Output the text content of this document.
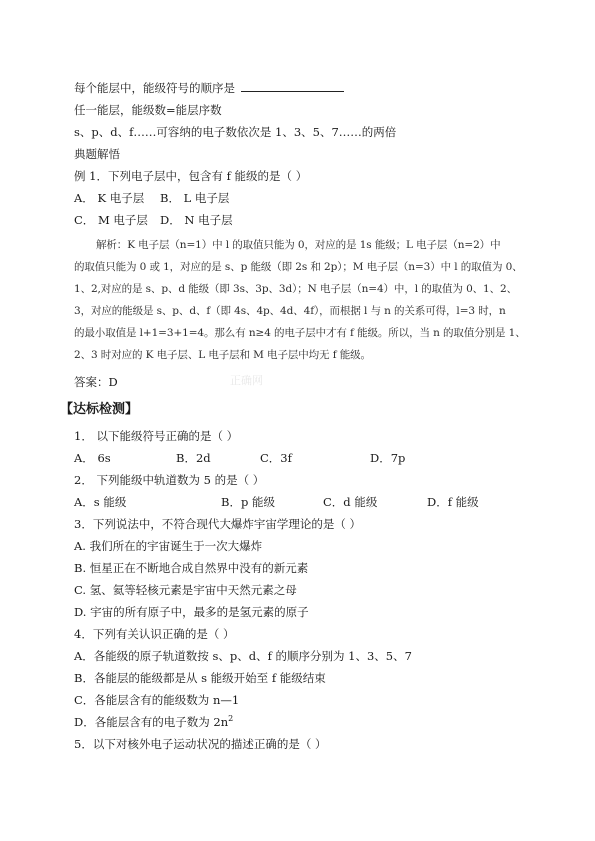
每个能层中，能级符号的顺序是
任一能层，能级数=能层序数
s、p、d、f……可容纳的电子数依次是 1、3、5、7……的两倍
典题解悟
例 1．下列电子层中，包含有 f 能级的是（ ）
A． K 电子层 B． L 电子层
C． M 电子层 D． N 电子层
解析：K 电子层（n=1）中 l 的取值只能为 0，对应的是 1s 能级；L 电子层（n=2）中
的取值只能为 0 或 1，对应的是 s、p 能级（即 2s 和 2p）；M 电子层（n=3）中 l 的取值为 0、
1、2,对应的是 s、p、d 能级（即 3s、3p、3d）；N 电子层（n=4）中，l 的取值为 0、1、2、
3，对应的能级是 s、p、d、f（即 4s、4p、4d、4f），而根据 l 与 n 的关系可得，l=3 时，n
的最小取值是 l+1=3+1=4。那么有 n≥4 的电子层中才有 f 能级。所以，当 n 的取值分别是 1、
2、3 时对应的 K 电子层、L 电子层和 M 电子层中均无 f 能级。
正确网
答案：D
【达标检测】
1． 以下能级符号正确的是（ ）
A． 6s	B．2d	C．3f	D．7p
2． 下列能级中轨道数为 5 的是（ ）
A．s 能级	B．p 能级	C．d 能级	D．f 能级
3．下列说法中，不符合现代大爆炸宇宙学理论的是（ ）
A. 我们所在的宇宙诞生于一次大爆炸
B. 恒星正在不断地合成自然界中没有的新元素
C. 氢、氦等轻核元素是宇宙中天然元素之母
D. 宇宙的所有原子中，最多的是氢元素的原子
4．下列有关认识正确的是（ ）
A．各能级的原子轨道数按 s、p、d、f 的顺序分别为 1、3、5、7
B．各能层的能级都是从 s 能级开始至 f 能级结束
C．各能层含有的能级数为 n—1
D．各能层含有的电子数为 $2n^2$
5．以下对核外电子运动状况的描述正确的是（ ）
